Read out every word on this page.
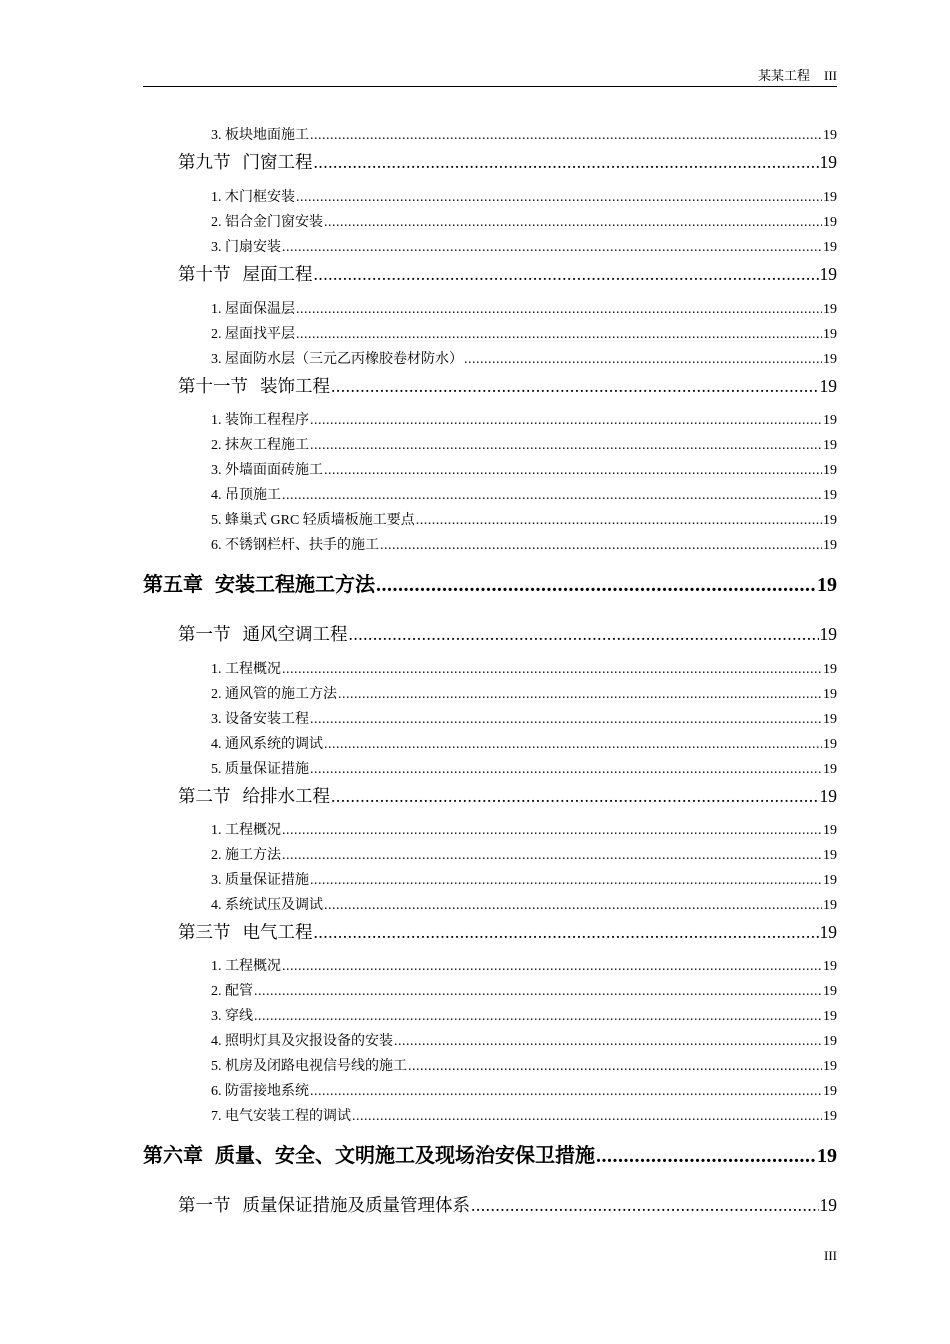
某某工程 III
3. 板块地面施工 .....	19
第九节 门窗工程 .....	19
1. 木门框安装 .....	19
2. 铝合金门窗安装 .....	19
3. 门扇安装 .....	19
第十节 屋面工程 .....	19
1. 屋面保温层 .....	19
2. 屋面找平层 .....	19
3. 屋面防水层（三元乙丙橡胶卷材防水） .....	19
第十一节 装饰工程 .....	19
1. 装饰工程程序 .....	19
2. 抹灰工程施工 .....	19
3. 外墙面面砖施工 .....	19
4. 吊顶施工 .....	19
5. 蜂巢式 GRC 轻质墙板施工要点 .....	19
6. 不锈钢栏杆、扶手的施工 .....	19
第五章 安装工程施工方法 .....	19
第一节 通风空调工程 .....	19
1. 工程概况 .....	19
2. 通风管的施工方法 .....	19
3. 设备安装工程 .....	19
4. 通风系统的调试 .....	19
5. 质量保证措施 .....	19
第二节 给排水工程 .....	19
1. 工程概况 .....	19
2. 施工方法 .....	19
3. 质量保证措施 .....	19
4. 系统试压及调试 .....	19
第三节 电气工程 .....	19
1. 工程概况 .....	19
2. 配管 .....	19
3. 穿线 .....	19
4. 照明灯具及灾报设备的安装 .....	19
5. 机房及闭路电视信号线的施工 .....	19
6. 防雷接地系统 .....	19
7. 电气安装工程的调试 .....	19
第六章 质量、安全、文明施工及现场治安保卫措施 .....	19
第一节 质量保证措施及质量管理体系 .....	19
III
